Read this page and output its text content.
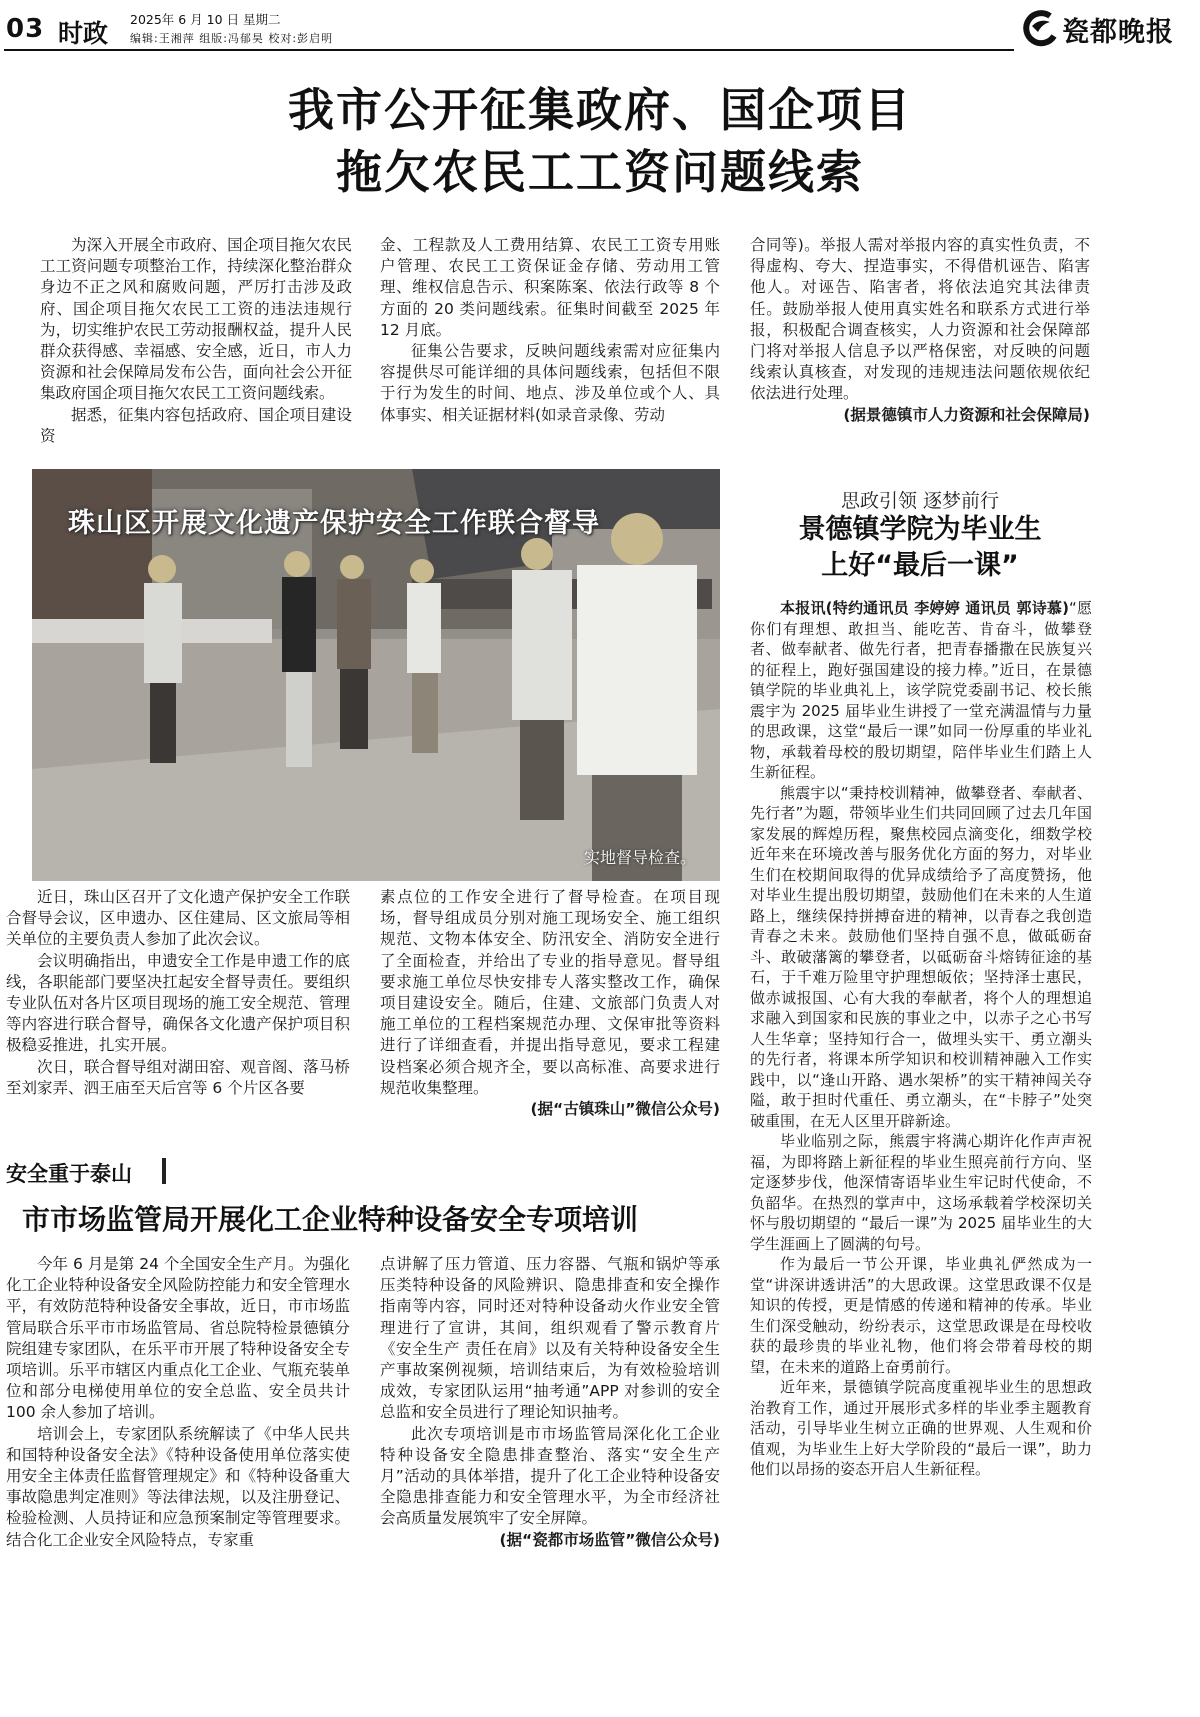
03 时政 2025年 6 月 10 日 星期二
编辑:王湘萍 组版:冯郁昊 校对:彭启明	瓷都晚报
我市公开征集政府、国企项目
拖欠农民工工资问题线索

为深入开展全市政府、国企项目拖欠农民工工资问题专项整治工作，持续深化整治群众身边不正之风和腐败问题，严厉打击涉及政府、国企项目拖欠农民工工资的违法违规行为，切实维护农民工劳动报酬权益，提升人民群众获得感、幸福感、安全感，近日，市人力资源和社会保障局发布公告，面向社会公开征集政府国企项目拖欠农民工工资问题线索。

据悉，征集内容包括政府、国企项目建设资

金、工程款及人工费用结算、农民工工资专用账户管理、农民工工资保证金存储、劳动用工管理、维权信息告示、积案陈案、依法行政等 8 个方面的 20 类问题线索。征集时间截至 2025 年 12 月底。

征集公告要求，反映问题线索需对应征集内容提供尽可能详细的具体问题线索，包括但不限于行为发生的时间、地点、涉及单位或个人、具体事实、相关证据材料(如录音录像、劳动

合同等)。举报人需对举报内容的真实性负责，不得虚构、夸大、捏造事实，不得借机诬告、陷害他人。对诬告、陷害者，将依法追究其法律责任。鼓励举报人使用真实姓名和联系方式进行举报，积极配合调查核实，人力资源和社会保障部门将对举报人信息予以严格保密，对反映的问题线索认真核查，对发现的违规违法问题依规依纪依法进行处理。

(据景德镇市人力资源和社会保障局)

珠山区开展文化遗产保护安全工作联合督导
实地督导检查。

近日，珠山区召开了文化遗产保护安全工作联合督导会议，区申遗办、区住建局、区文旅局等相关单位的主要负责人参加了此次会议。

会议明确指出，申遗安全工作是申遗工作的底线，各职能部门要坚决扛起安全督导责任。要组织专业队伍对各片区项目现场的施工安全规范、管理等内容进行联合督导，确保各文化遗产保护项目积极稳妥推进，扎实开展。

次日，联合督导组对湖田窑、观音阁、落马桥至刘家弄、泗王庙至天后宫等 6 个片区各要

素点位的工作安全进行了督导检查。在项目现场，督导组成员分别对施工现场安全、施工组织规范、文物本体安全、防汛安全、消防安全进行了全面检查，并给出了专业的指导意见。督导组要求施工单位尽快安排专人落实整改工作，确保项目建设安全。随后，住建、文旅部门负责人对施工单位的工程档案规范办理、文保审批等资料进行了详细查看，并提出指导意见，要求工程建设档案必须合规齐全，要以高标准、高要求进行规范收集整理。

(据“古镇珠山”微信公众号)

安全重于泰山
市市场监管局开展化工企业特种设备安全专项培训

今年 6 月是第 24 个全国安全生产月。为强化化工企业特种设备安全风险防控能力和安全管理水平，有效防范特种设备安全事故，近日，市市场监管局联合乐平市市场监管局、省总院特检景德镇分院组建专家团队，在乐平市开展了特种设备安全专项培训。乐平市辖区内重点化工企业、气瓶充装单位和部分电梯使用单位的安全总监、安全员共计 100 余人参加了培训。

培训会上，专家团队系统解读了《中华人民共和国特种设备安全法》《特种设备使用单位落实使用安全主体责任监督管理规定》和《特种设备重大事故隐患判定准则》等法律法规，以及注册登记、检验检测、人员持证和应急预案制定等管理要求。结合化工企业安全风险特点，专家重

点讲解了压力管道、压力容器、气瓶和锅炉等承压类特种设备的风险辨识、隐患排查和安全操作指南等内容，同时还对特种设备动火作业安全管理进行了宣讲，其间，组织观看了警示教育片《安全生产 责任在肩》以及有关特种设备安全生产事故案例视频，培训结束后，为有效检验培训成效，专家团队运用“抽考通”APP 对参训的安全总监和安全员进行了理论知识抽考。

此次专项培训是市市场监管局深化化工企业特种设备安全隐患排查整治、落实“安全生产月”活动的具体举措，提升了化工企业特种设备安全隐患排查能力和安全管理水平，为全市经济社会高质量发展筑牢了安全屏障。

(据“瓷都市场监管”微信公众号)

思政引领 逐梦前行
景德镇学院为毕业生
上好“最后一课”

本报讯(特约通讯员 李婷婷 通讯员 郭诗慕)“愿你们有理想、敢担当、能吃苦、肯奋斗，做攀登者、做奉献者、做先行者，把青春播撒在民族复兴的征程上，跑好强国建设的接力棒。”近日，在景德镇学院的毕业典礼上，该学院党委副书记、校长熊震宇为 2025 届毕业生讲授了一堂充满温情与力量的思政课，这堂“最后一课”如同一份厚重的毕业礼物，承载着母校的殷切期望，陪伴毕业生们踏上人生新征程。

熊震宇以“秉持校训精神，做攀登者、奉献者、先行者”为题，带领毕业生们共同回顾了过去几年国家发展的辉煌历程，聚焦校园点滴变化，细数学校近年来在环境改善与服务优化方面的努力，对毕业生们在校期间取得的优异成绩给予了高度赞扬，他对毕业生提出殷切期望，鼓励他们在未来的人生道路上，继续保持拼搏奋进的精神，以青春之我创造青春之未来。鼓励他们坚持自强不息，做砥砺奋斗、敢破藩篱的攀登者，以砥砺奋斗熔铸征途的基石，于千难万险里守护理想皈依；坚持泽士惠民，做赤诚报国、心有大我的奉献者，将个人的理想追求融入到国家和民族的事业之中，以赤子之心书写人生华章；坚持知行合一，做埋头实干、勇立潮头的先行者，将课本所学知识和校训精神融入工作实践中，以“逢山开路、遇水架桥”的实干精神闯关夺隘，敢于担时代重任、勇立潮头，在“卡脖子”处突破重围，在无人区里开辟新途。

毕业临别之际，熊震宇将满心期许化作声声祝福，为即将踏上新征程的毕业生照亮前行方向、坚定逐梦步伐，他深情寄语毕业生牢记时代使命，不负韶华。在热烈的掌声中，这场承载着学校深切关怀与殷切期望的 “最后一课”为 2025 届毕业生的大学生涯画上了圆满的句号。

作为最后一节公开课，毕业典礼俨然成为一堂“讲深讲透讲活”的大思政课。这堂思政课不仅是知识的传授，更是情感的传递和精神的传承。毕业生们深受触动，纷纷表示，这堂思政课是在母校收获的最珍贵的毕业礼物，他们将会带着母校的期望，在未来的道路上奋勇前行。

近年来，景德镇学院高度重视毕业生的思想政治教育工作，通过开展形式多样的毕业季主题教育活动，引导毕业生树立正确的世界观、人生观和价值观，为毕业生上好大学阶段的“最后一课”，助力他们以昂扬的姿态开启人生新征程。
